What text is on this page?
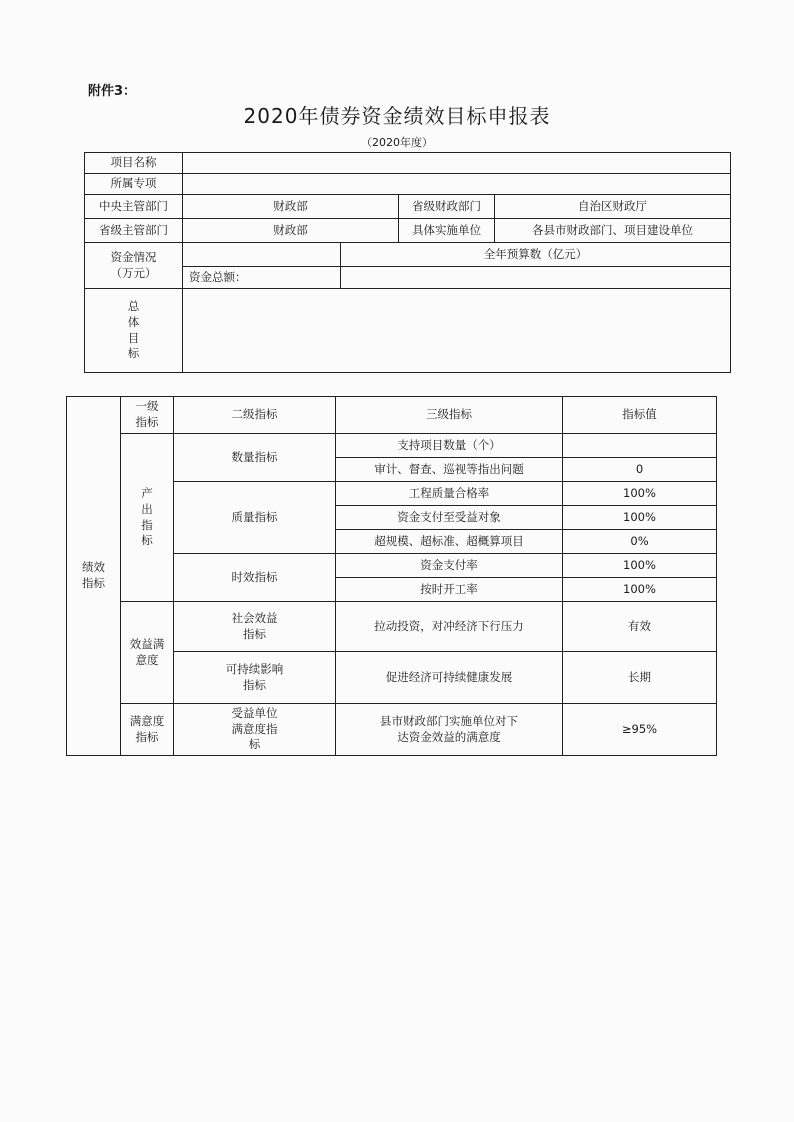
附件3：
2020年债券资金绩效目标申报表
（2020年度）
项目名称				
所属专项				
中央主管部门	财政部		省级财政部门	自治区财政厅
省级主管部门	财政部		具体实施单位	各县市财政部门、项目建设单位

资金情况
（万元）		全年预算数（亿元）		
	资金总额：			
总体目标				
绩效指标	一级指标	二级指标	三级指标	指标值
	产出指标	数量指标	支持项目数量（个）	
			审计、督查、巡视等指出问题	0
		质量指标	工程质量合格率	100%
			资金支付至受益对象	100%
			超规模、超标准、超概算项目	0%
		时效指标	资金支付率	100%
			按时开工率	100%
	效益满意度	社会效益指标	拉动投资，对冲经济下行压力	有效
		可持续影响指标	促进经济可持续健康发展	长期
	满意度指标	受益单位满意度指标	县市财政部门实施单位对下达资金效益的满意度	≥95%
